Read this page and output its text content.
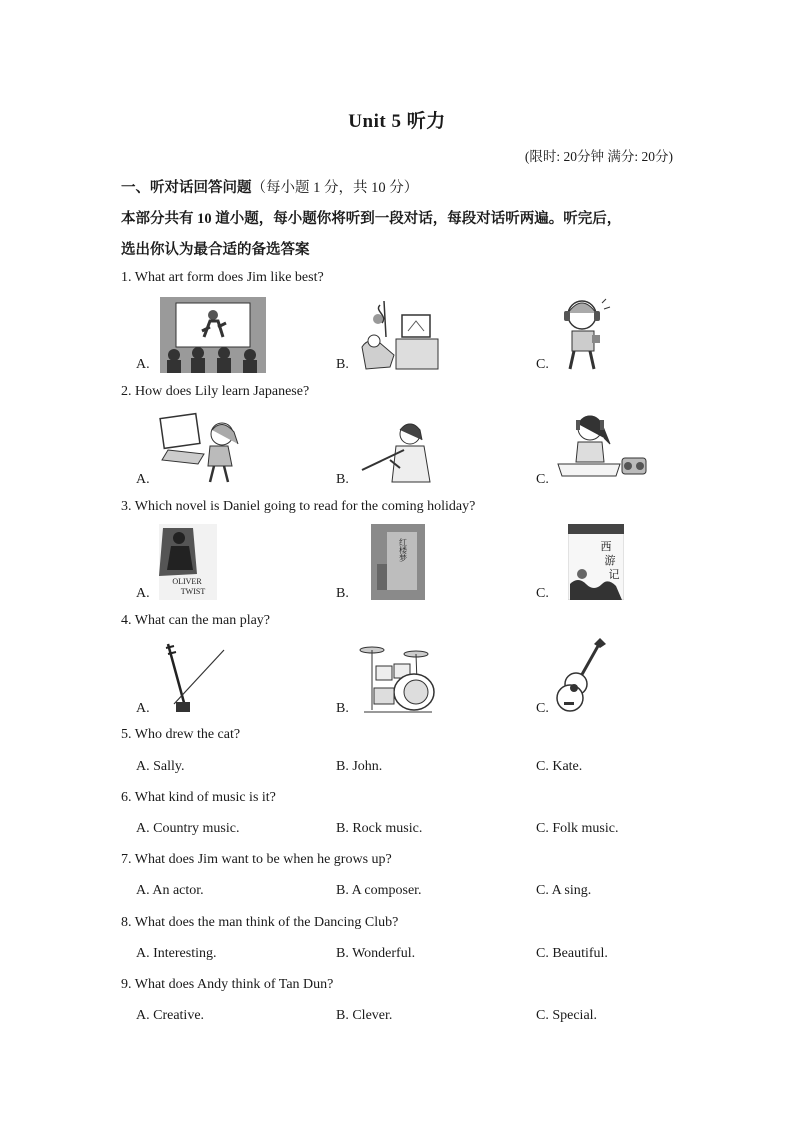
Unit 5 听力
(限时: 20分钟 满分: 20分)
一、听对话回答问题（每小题 1 分，共 10 分）
本部分共有 10 道小题，每小题你将听到一段对话，每段对话听两遍。听完后，
选出你认为最合适的备选答案
1. What art form does Jim like best?
A.	B.	C.
2. How does Lily learn Japanese?
A.	B.	C.
3. Which novel is Daniel going to read for the coming holiday?
OLIVER
TWIST
红楼梦	西
游
记
A.	B.	C.
4. What can the man play?
A.	B.	C.
5. Who drew the cat?
A. Sally.	B. John.	C. Kate.
6. What kind of music is it?
A. Country music.	B. Rock music.	C. Folk music.
7. What does Jim want to be when he grows up?
A. An actor.	B. A composer.	C. A sing.
8. What does the man think of the Dancing Club?
A. Interesting.	B. Wonderful.	C. Beautiful.
9. What does Andy think of Tan Dun?
A. Creative.	B. Clever.	C. Special.
